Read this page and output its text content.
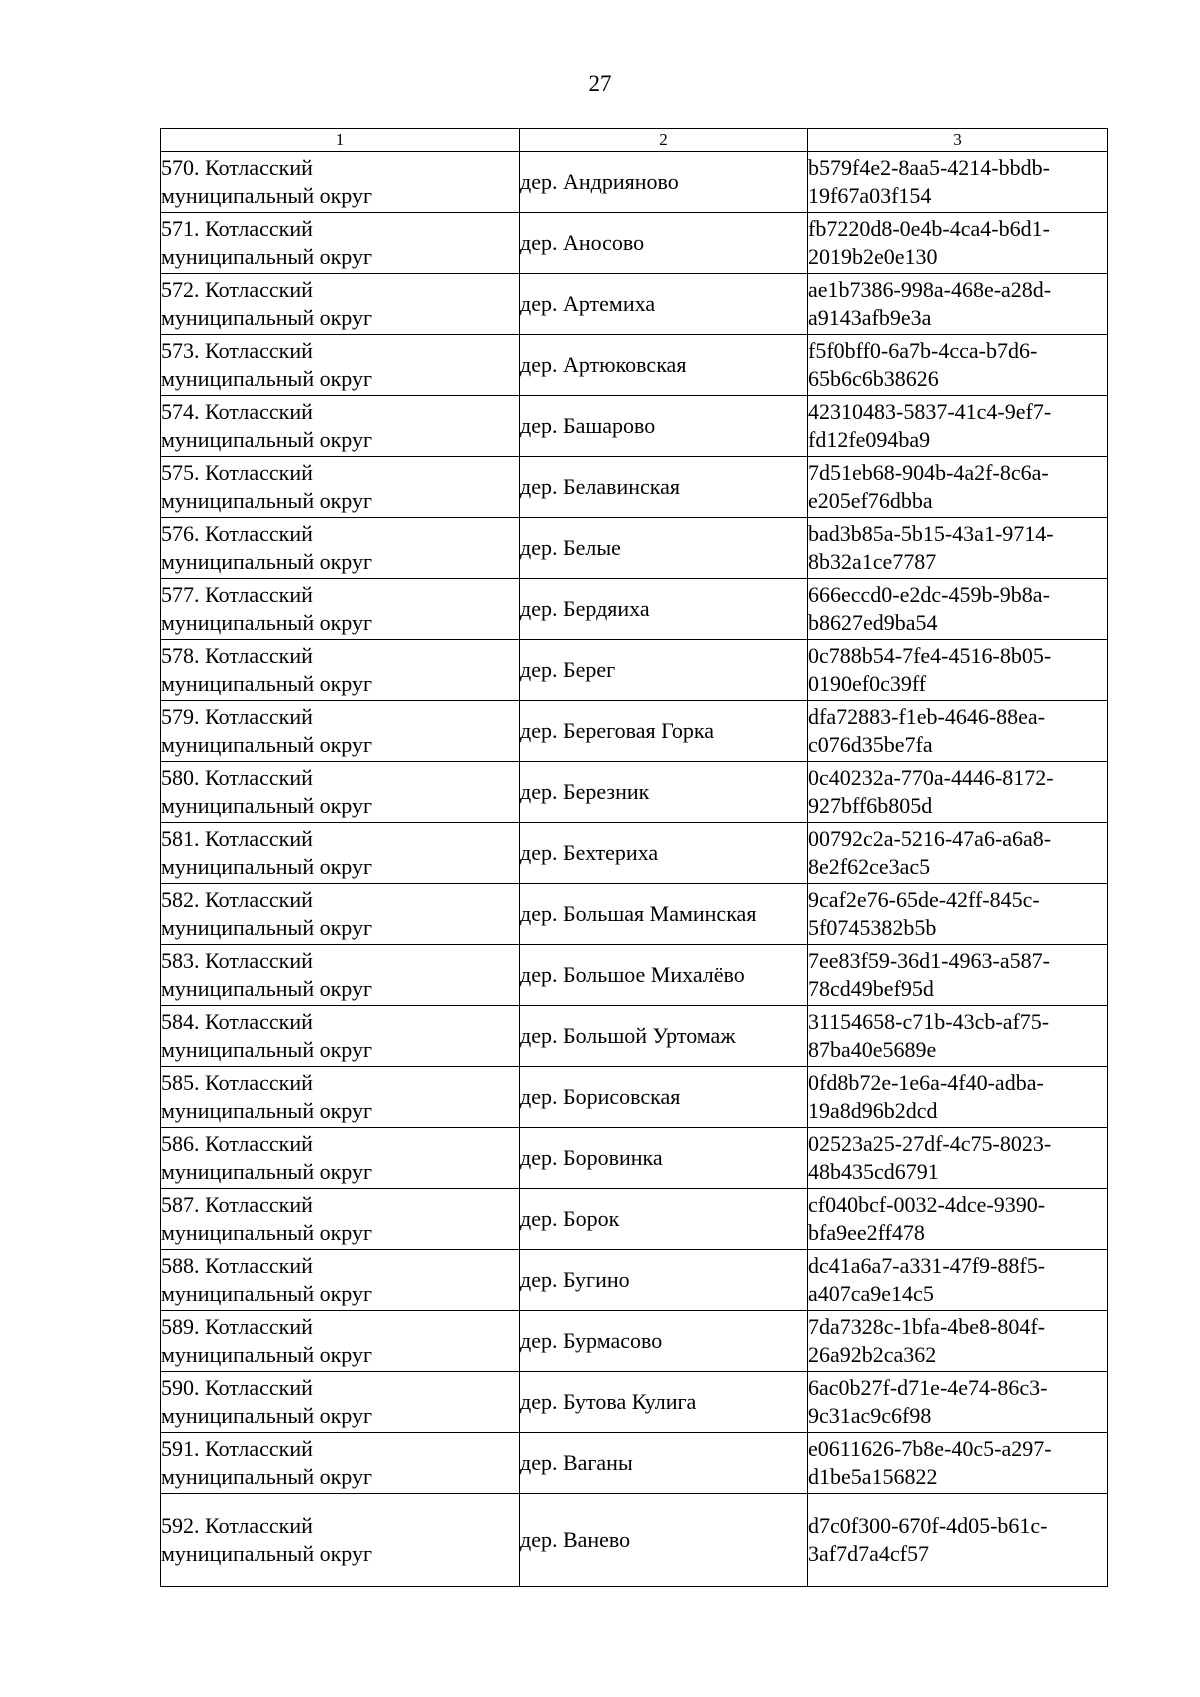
27
1	2	3

570. Котласский
муниципальный округ	дер. Андрияново	b579f4e2-8aa5-4214-bbdb-
19f67a03f154

571. Котласский
муниципальный округ	дер. Аносово	fb7220d8-0e4b-4ca4-b6d1-
2019b2e0e130

572. Котласский
муниципальный округ	дер. Артемиха	ae1b7386-998a-468e-a28d-
a9143afb9e3a

573. Котласский
муниципальный округ	дер. Артюковская	f5f0bff0-6a7b-4cca-b7d6-
65b6c6b38626

574. Котласский
муниципальный округ	дер. Башарово	42310483-5837-41c4-9ef7-
fd12fe094ba9

575. Котласский
муниципальный округ	дер. Белавинская	7d51eb68-904b-4a2f-8c6a-
e205ef76dbba

576. Котласский
муниципальный округ	дер. Белые	bad3b85a-5b15-43a1-9714-
8b32a1ce7787

577. Котласский
муниципальный округ	дер. Бердяиха	666eccd0-e2dc-459b-9b8a-
b8627ed9ba54

578. Котласский
муниципальный округ	дер. Берег	0c788b54-7fe4-4516-8b05-
0190ef0c39ff

579. Котласский
муниципальный округ	дер. Береговая Горка	dfa72883-f1eb-4646-88ea-
c076d35be7fa

580. Котласский
муниципальный округ	дер. Березник	0c40232a-770a-4446-8172-
927bff6b805d

581. Котласский
муниципальный округ	дер. Бехтериха	00792c2a-5216-47a6-a6a8-
8e2f62ce3ac5

582. Котласский
муниципальный округ	дер. Большая Маминская	9caf2e76-65de-42ff-845c-
5f0745382b5b

583. Котласский
муниципальный округ	дер. Большое Михалёво	7ee83f59-36d1-4963-a587-
78cd49bef95d

584. Котласский
муниципальный округ	дер. Большой Уртомаж	31154658-c71b-43cb-af75-
87ba40e5689e

585. Котласский
муниципальный округ	дер. Борисовская	0fd8b72e-1e6a-4f40-adba-
19a8d96b2dcd

586. Котласский
муниципальный округ	дер. Боровинка	02523a25-27df-4c75-8023-
48b435cd6791

587. Котласский
муниципальный округ	дер. Борок	cf040bcf-0032-4dce-9390-
bfa9ee2ff478

588. Котласский
муниципальный округ	дер. Бугино	dc41a6a7-a331-47f9-88f5-
a407ca9e14c5

589. Котласский
муниципальный округ	дер. Бурмасово	7da7328c-1bfa-4be8-804f-
26a92b2ca362

590. Котласский
муниципальный округ	дер. Бутова Кулига	6ac0b27f-d71e-4e74-86c3-
9c31ac9c6f98

591. Котласский
муниципальный округ	дер. Ваганы	e0611626-7b8e-40c5-a297-
d1be5a156822

592. Котласский
муниципальный округ	дер. Ванево	d7c0f300-670f-4d05-b61c-
3af7d7a4cf57
